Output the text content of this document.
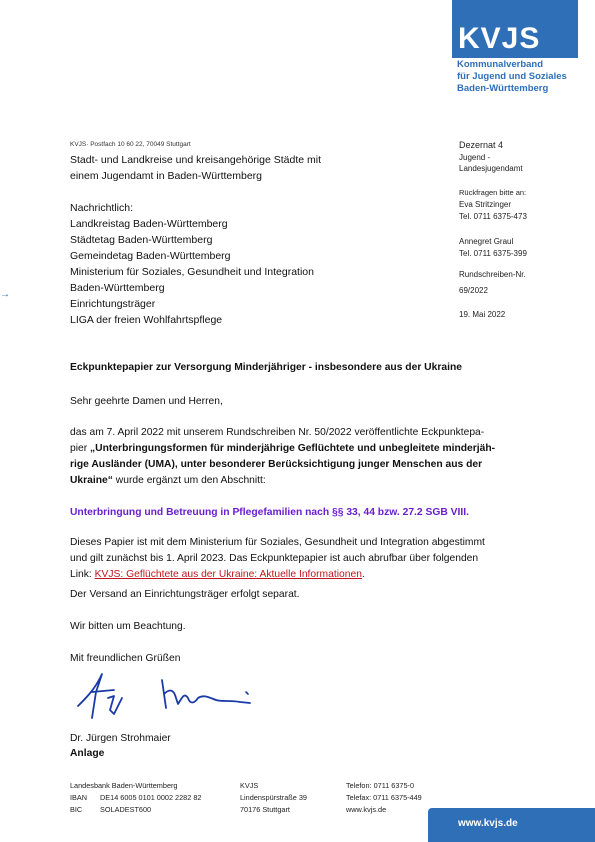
KVJS
Kommunalverband
für Jugend und Soziales
Baden-Württemberg
KVJS· Postfach 10 60 22, 70049 Stuttgart
Stadt- und Landkreise und kreisangehörige Städte mit
einem Jugendamt in Baden-Württemberg
Nachrichtlich:
Landkreistag Baden-Württemberg
Städtetag Baden-Württemberg
Gemeindetag Baden-Württemberg
Ministerium für Soziales, Gesundheit und Integration
Baden-Württemberg
Einrichtungsträger
LIGA der freien Wohlfahrtspflege
→
Dezernat 4
Jugend -
Landesjugendamt
Rückfragen bitte an:
Eva Stritzinger
Tel. 0711 6375-473
Annegret Graul
Tel. 0711 6375-399
Rundschreiben-Nr.
69/2022
19. Mai 2022
Eckpunktepapier zur Versorgung Minderjähriger - insbesondere aus der Ukraine
Sehr geehrte Damen und Herren,
das am 7. April 2022 mit unserem Rundschreiben Nr. 50/2022 veröffentlichte Eckpunktepa-
pier „Unterbringungsformen für minderjährige Geflüchtete und unbegleitete minderjäh-
rige Ausländer (UMA), unter besonderer Berücksichtigung junger Menschen aus der
Ukraine“ wurde ergänzt um den Abschnitt:
Unterbringung und Betreuung in Pflegefamilien nach §§ 33, 44 bzw. 27.2 SGB VIII.
Dieses Papier ist mit dem Ministerium für Soziales, Gesundheit und Integration abgestimmt
und gilt zunächst bis 1. April 2023. Das Eckpunktepapier ist auch abrufbar über folgenden
Link: KVJS: Geflüchtete aus der Ukraine: Aktuelle Informationen.
Der Versand an Einrichtungsträger erfolgt separat.
Wir bitten um Beachtung.
Mit freundlichen Grüßen
Dr. Jürgen Strohmaier
Anlage
Landesbank Baden-Württemberg
IBAN DE14 6005 0101 0002 2282 82
BIC SOLADEST600
KVJS
Lindenspürstraße 39
70176 Stuttgart
Telefon: 0711 6375-0
Telefax: 0711 6375-449
www.kvjs.de
www.kvjs.de
